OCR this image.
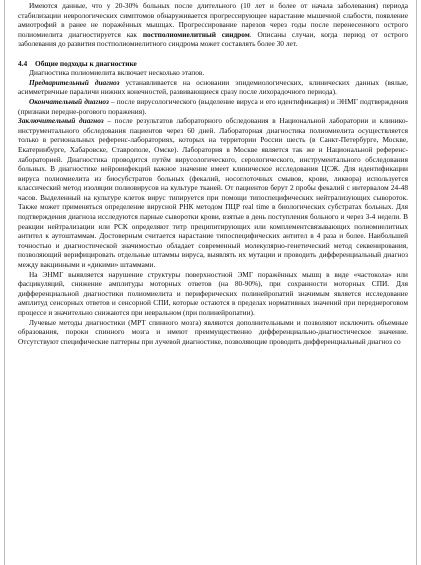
Имеются данные, что у 20-30% больных после длительного (10 лет и более от начала заболевания) периода стабилизации неврологических симптомов обнаруживается прогрессирующее нарастание мышечной слабости, появление амиотрофий в ранее не поражённых мышцах. Прогрессирование парезов через годы после перенесенного острого полиомиелита диагностируется как постполиомиелитный синдром. Описаны случаи, когда период от острого заболевания до развития постполиомиелитного синдрома может составлять более 30 лет.

4.4 Общие подходы к диагностике

Диагностика полиомиелита включает несколько этапов.

Предварительный диагноз устанавливается на основании эпидемиологических, клинических данных (вялые, асимметричные параличи нижних конечностей, развивающиеся сразу после лихорадочного периода).

Окончательный диагноз – после вирусологического (выделение вируса и его идентификация) и ЭНМГ подтверждения (признаки передне-рогового поражения).

Заключительный диагноз – после результатов лабораторного обследования в Национальной лаборатории и клинико-инструментального обследования пациентов через 60 дней. Лабораторная диагностика полиомиелита осуществляется только в региональных референс-лабораториях, которых на территории России шесть (в Санкт-Петербурге, Москве, Екатеринбурге, Хабаровске, Ставрополе, Омске). Лаборатория в Москве является так же и Национальной референс-лабораторией. Диагностика проводится путём вирусологического, серологического, инструментального обследования больных. В диагностике нейроинфекций важное значение имеет клиническое исследования ЦСЖ. Для идентификации вируса полиомиелита из биосубстратов больных (фекалий, носоглоточных смывов, крови, ликвора) используется классический метод изоляции полиовирусов на культуре тканей. От пациентов берут 2 пробы фекалий с интервалом 24-48 часов. Выделенный на культуре клеток вирус типируется при помощи типоспецифических нейтрализующих сывороток. Также может применяться определение вирусной РНК методом ПЦР real time в биологических субстратах больных. Для подтверждения диагноза исследуются парные сыворотки крови, взятые в день поступления больного и через 3-4 недели. В реакции нейтрализации или РСК определяют титр преципитирующих или комплементсвязывающих полиомиелитных антител к аутоштаммам. Достоверным считается нарастание типоспецифических антител в 4 раза и более. Наибольшей точностью и диагностической значимостью обладает современный молекулярно-генетический метод секвенирования, позволяющий верифицировать отдельные штаммы вируса, выявлять их мутации и проводить дифференциальный диагноз между вакцинными и «дикими» штаммами.

На ЭНМГ выявляется нарушение структуры поверхностной ЭМГ поражённых мышц в виде «частокола» или фасцикуляций, снижение амплитуды моторных ответов (на 80-90%), при сохранности моторных СПИ. Для дифференциальной диагностики полиомиелита и периферических полинейропатий значимым является исследование амплитуд сенсорных ответов и сенсорной СПИ, которые остаются в пределах нормативных значений при переднероговом процессе и значительно снижаются при невральном (при полинейропатии).

Лучевые методы диагностики (МРТ спинного мозга) являются дополнительными и позволяют исключить объемные образования, пороки спинного мозга и имеют преимущественно дифференциально-диагностическое значение. Отсутствуют специфические паттерны при лучевой диагностике, позволяющие проводить дифференциальный диагноз со
